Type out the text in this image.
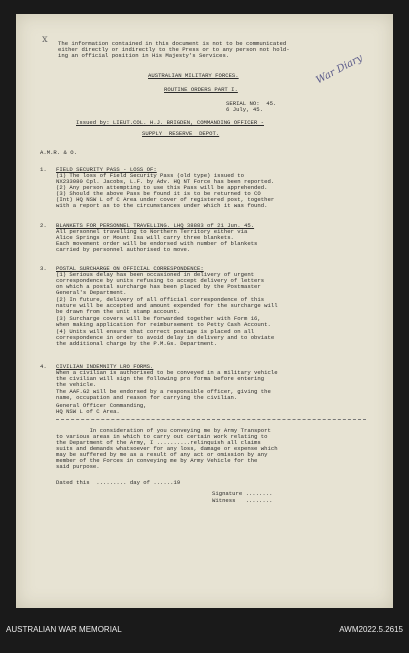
x The information contained in this document is not to be communicated
either directly or indirectly to the Press or to any person not hold-
ing an official position in His Majesty's Services.	War Diary
AUSTRALIAN MILITARY FORCES.
ROUTINE ORDERS PART I.
SERIAL NO:  45.
6 July, 45.
Issued by: LIEUT.COL. H.J. BRIGDEN, COMMANDING OFFICER -
SUPPLY  RESERVE  DEPOT.
A.M.R. & O.
1. FIELD SECURITY PASS - LOSS OF:
(1) The loss of Field Security Pass (old type) issued to
NX233080 Cpl. Jacobs, L.F. by Adv. HQ NT Force has been reported.
(2) Any person attempting to use this Pass will be apprehended.
(3) Should the above Pass be found it is to be returned to CO
(Int) HQ NSW L of C Area under cover of registered post, together
with a report as to the circumstances under which it was found.
2. BLANKETS FOR PERSONNEL TRAVELLING. LHQ 38883 of 21 Jun. 45.
All personnel travelling to Northern Territory either via
Alice Springs or Mount Isa will carry three blankets.
Each movement order will be endorsed with number of blankets
carried by personnel authorised to move.
3. POSTAL SURCHARGE ON OFFICIAL CORRESPONDENCE:
(1) Serious delay has been occasioned in delivery of urgent
correspondence by units refusing to accept delivery of letters
on which a postal surcharge has been placed by the Postmaster
General's Department.
(2) In future, delivery of all official correspondence of this
nature will be accepted and amount expended for the surcharge will
be drawn from the unit stamp account.
(3) Surcharge covers will be forwarded together with Form 16,
when making application for reimbursement to Petty Cash Account.
(4) Units will ensure that correct postage is placed on all
correspondence in order to avoid delay in delivery and to obviate
the additional charge by the P.M.Gs. Department.
4. CIVILIAN INDEMNITY LRO FORMS.
When a civilian is authorised to be conveyed in a military vehicle
the civilian will sign the following pro forma before entering
the vehicle.
The AAF.G2 will be endorsed by a responsible officer, giving the
name, occupation and reason for carrying the civilian.
General Officer Commanding,
HQ NSW L of C Area.
In consideration of you conveying me by Army Transport
to various areas in which to carry out certain work relating to
the Department of the Army, I ..........relinquish all claims
suits and demands whatsoever for any loss, damage or expense which
may be suffered by me as a result of any act or omission by any
member of the Forces in conveying me by Army Vehicle for the
said purpose.
Dated this  ......... day of ......19
Signature ........
Witness   ........
AUSTRALIAN WAR MEMORIAL	AWM2022.5.2615
